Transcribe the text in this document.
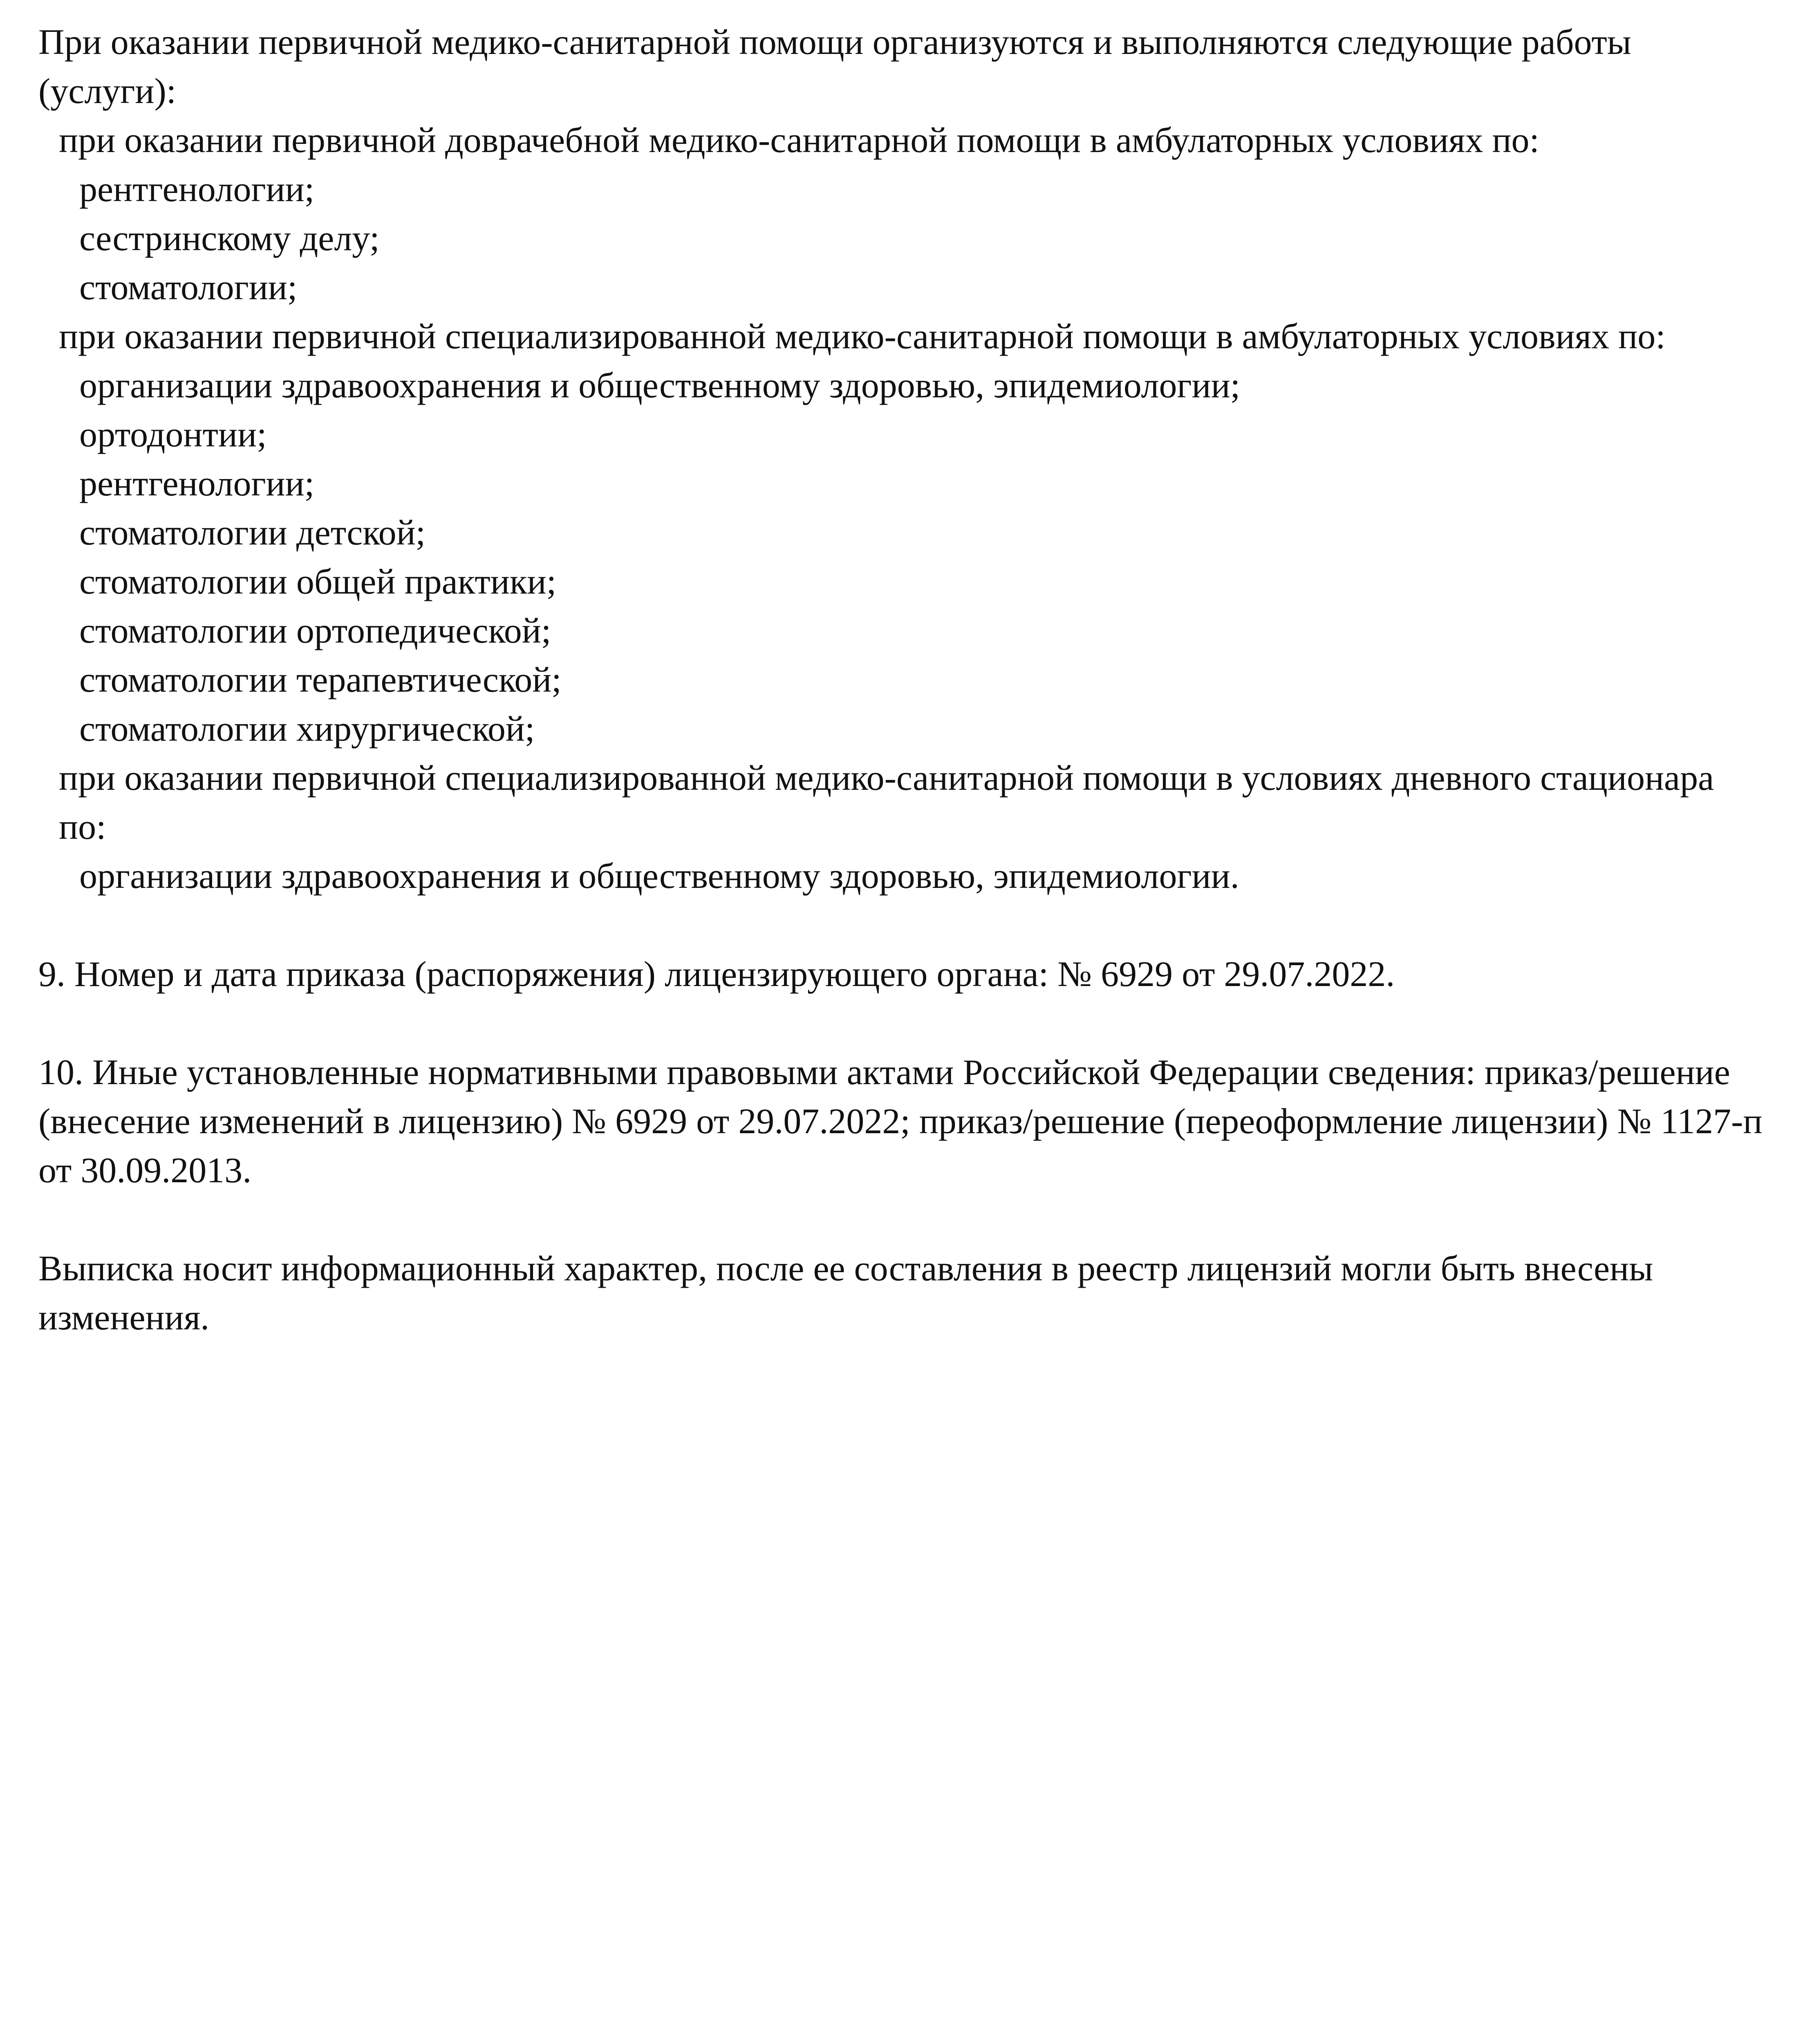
При оказании первичной медико-санитарной помощи организуются и выполняются следующие работы (услуги):

при оказании первичной доврачебной медико-санитарной помощи в амбулаторных условиях по:

рентгенологии;

сестринскому делу;

стоматологии;

при оказании первичной специализированной медико-санитарной помощи в амбулаторных условиях по:

организации здравоохранения и общественному здоровью, эпидемиологии;

ортодонтии;

рентгенологии;

стоматологии детской;

стоматологии общей практики;

стоматологии ортопедической;

стоматологии терапевтической;

стоматологии хирургической;

при оказании первичной специализированной медико-санитарной помощи в условиях дневного стационара по:

организации здравоохранения и общественному здоровью, эпидемиологии.

9. Номер и дата приказа (распоряжения) лицензирующего органа: № 6929 от 29.07.2022.

10. Иные установленные нормативными правовыми актами Российской Федерации сведения: приказ/решение (внесение изменений в лицензию) № 6929 от 29.07.2022; приказ/решение (переоформление лицензии) № 1127-п от 30.09.2013.

Выписка носит информационный характер, после ее составления в реестр лицензий могли быть внесены изменения.
